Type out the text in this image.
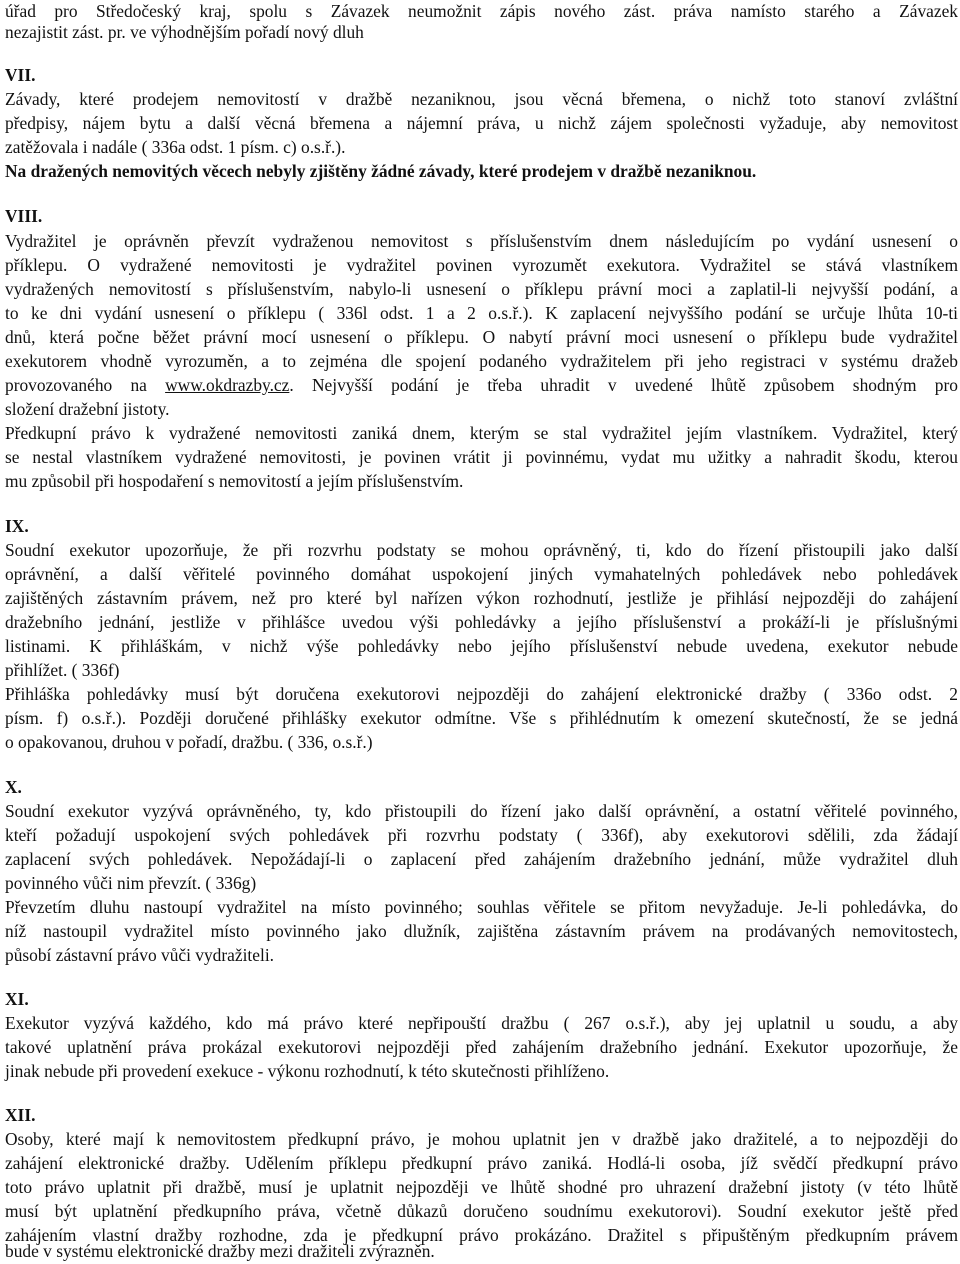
úřad pro Středočeský kraj, spolu s Závazek neumožnit zápis nového zást. práva namísto starého a Závazek
nezajistit zást. pr. ve výhodnějším pořadí nový dluh
VII.
Závady, které prodejem nemovitostí v dražbě nezaniknou, jsou věcná břemena, o nichž toto stanoví zvláštní
předpisy, nájem bytu a další věcná břemena a nájemní práva, u nichž zájem společnosti vyžaduje, aby nemovitost
zatěžovala i nadále ( 336a odst. 1 písm. c) o.s.ř.).
Na dražených nemovitých věcech nebyly zjištěny žádné závady, které prodejem v dražbě nezaniknou.
VIII.
Vydražitel je oprávněn převzít vydraženou nemovitost s příslušenstvím dnem následujícím po vydání usnesení o
příklepu. O vydražené nemovitosti je vydražitel povinen vyrozumět exekutora. Vydražitel se stává vlastníkem
vydražených nemovitostí s příslušenstvím, nabylo-li usnesení o příklepu právní moci a zaplatil-li nejvyšší podání, a
to ke dni vydání usnesení o příklepu ( 336l odst. 1 a 2 o.s.ř.). K zaplacení nejvyššího podání se určuje lhůta 10-ti
dnů, která počne běžet právní mocí usnesení o příklepu. O nabytí právní moci usnesení o příklepu bude vydražitel
exekutorem vhodně vyrozuměn, a to zejména dle spojení podaného vydražitelem při jeho registraci v systému dražeb
provozovaného na www.okdrazby.cz. Nejvyšší podání je třeba uhradit v uvedené lhůtě způsobem shodným pro
složení dražební jistoty.
Předkupní právo k vydražené nemovitosti zaniká dnem, kterým se stal vydražitel jejím vlastníkem. Vydražitel, který
se nestal vlastníkem vydražené nemovitosti, je povinen vrátit ji povinnému, vydat mu užitky a nahradit škodu, kterou
mu způsobil při hospodaření s nemovitostí a jejím příslušenstvím.
IX.
Soudní exekutor upozorňuje, že při rozvrhu podstaty se mohou oprávněný, ti, kdo do řízení přistoupili jako další
oprávnění, a další věřitelé povinného domáhat uspokojení jiných vymahatelných pohledávek nebo pohledávek
zajištěných zástavním právem, než pro které byl nařízen výkon rozhodnutí, jestliže je přihlásí nejpozději do zahájení
dražebního jednání, jestliže v přihlášce uvedou výši pohledávky a jejího příslušenství a prokáží-li je příslušnými
listinami. K přihláškám, v nichž výše pohledávky nebo jejího příslušenství nebude uvedena, exekutor nebude
přihlížet. ( 336f)
Přihláška pohledávky musí být doručena exekutorovi nejpozději do zahájení elektronické dražby ( 336o odst. 2
písm. f) o.s.ř.). Později doručené přihlášky exekutor odmítne. Vše s přihlédnutím k omezení skutečností, že se jedná
o opakovanou, druhou v pořadí, dražbu. ( 336, o.s.ř.)
X.
Soudní exekutor vyzývá oprávněného, ty, kdo přistoupili do řízení jako další oprávnění, a ostatní věřitelé povinného,
kteří požadují uspokojení svých pohledávek při rozvrhu podstaty ( 336f), aby exekutorovi sdělili, zda žádají
zaplacení svých pohledávek. Nepožádají-li o zaplacení před zahájením dražebního jednání, může vydražitel dluh
povinného vůči nim převzít. ( 336g)
Převzetím dluhu nastoupí vydražitel na místo povinného; souhlas věřitele se přitom nevyžaduje. Je-li pohledávka, do
níž nastoupil vydražitel místo povinného jako dlužník, zajištěna zástavním právem na prodávaných nemovitostech,
působí zástavní právo vůči vydražiteli.
XI.
Exekutor vyzývá každého, kdo má právo které nepřipouští dražbu ( 267 o.s.ř.), aby jej uplatnil u soudu, a aby
takové uplatnění práva prokázal exekutorovi nejpozději před zahájením dražebního jednání. Exekutor upozorňuje, že
jinak nebude při provedení exekuce - výkonu rozhodnutí, k této skutečnosti přihlíženo.
XII.
Osoby, které mají k nemovitostem předkupní právo, je mohou uplatnit jen v dražbě jako dražitelé, a to nejpozději do
zahájení elektronické dražby. Udělením příklepu předkupní právo zaniká. Hodlá-li osoba, jíž svědčí předkupní právo
toto právo uplatnit při dražbě, musí je uplatnit nejpozději ve lhůtě shodné pro uhrazení dražební jistoty (v této lhůtě
musí být uplatnění předkupního práva, včetně důkazů doručeno soudnímu exekutorovi). Soudní exekutor ještě před
zahájením vlastní dražby rozhodne, zda je předkupní právo prokázáno. Dražitel s připuštěným předkupním právem
bude v systému elektronické dražby mezi dražiteli zvýrazněn.
